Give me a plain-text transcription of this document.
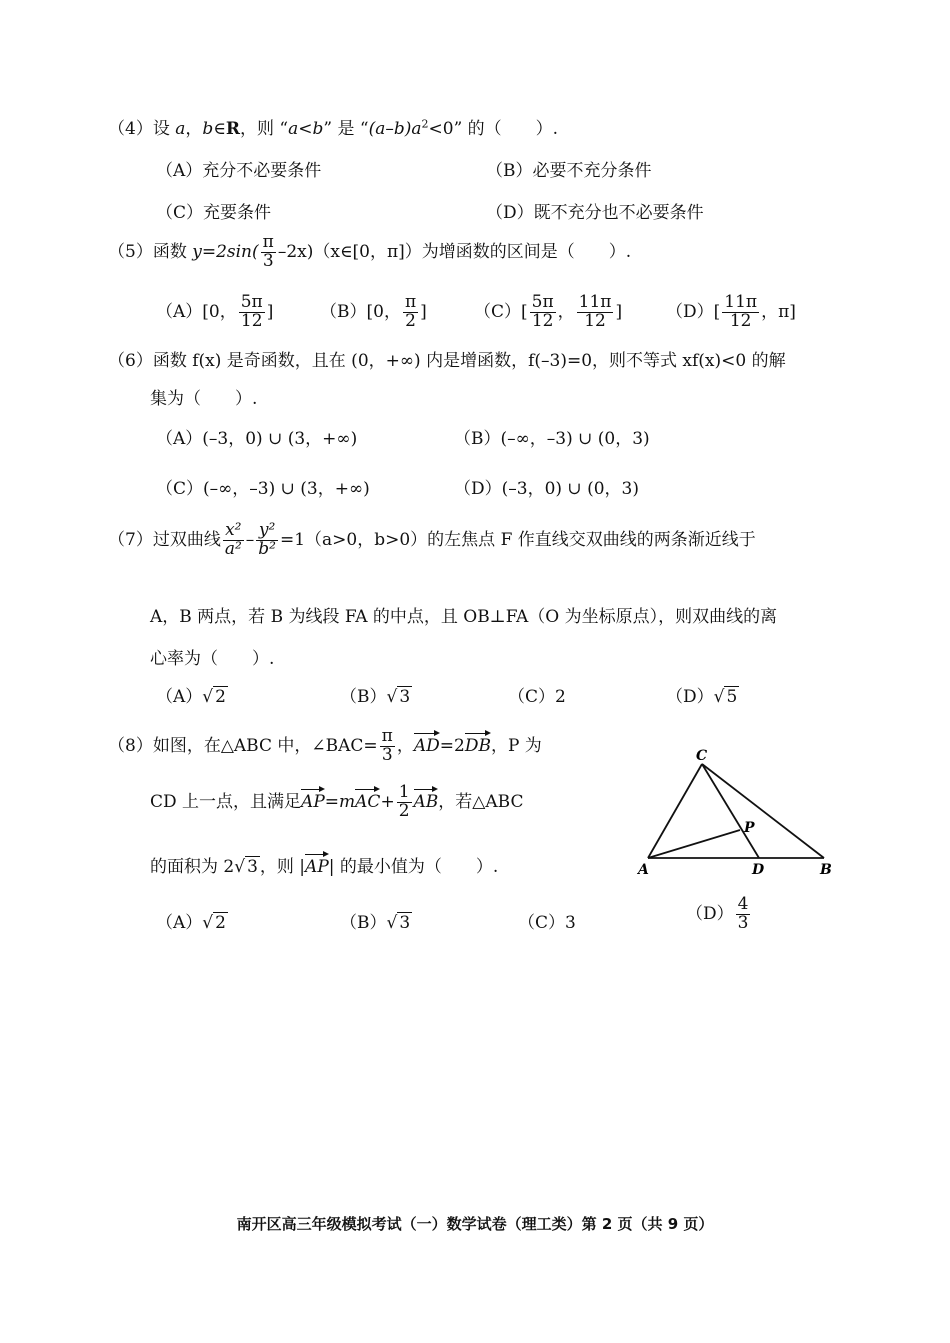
（4）设 a，b∈R，则 “a<b” 是 “$(a-b)a^2<0$” 的（　　）.
（A）充分不必要条件	（B）必要不充分条件
（C）充要条件	（D）既不充分也不必要条件
（5）函数 $y=2\sin( \frac{\pi}{3}$ –2x)（x∈[0，π]）为增函数的区间是（　　）.
（A）[0， $\frac{5\pi}{12}$ ]	（B）[0， $\frac{\pi}{2}$ ]	$(C)[ \frac{5\pi}{12}$ ， $\frac{11\pi}{12}$ ]	$(D)[ \frac{11\pi}{12}$ ，π]
（6）函数 f(x) 是奇函数，且在 (0，+∞) 内是增函数，f(–3)=0，则不等式 xf(x)<0 的解
集为（　　）.
（A）(–3，0) ∪ (3，+∞)	（B）(–∞，–3) ∪ (0，3)
（C）(–∞，–3) ∪ (3，+∞)	（D）(–3，0) ∪ (0，3)
（7）过双曲线 $\frac{\text{x²}}{\text{a²}} - \frac{\text{y²}}{\text{b²}} =1(a>0$，b>0）的左焦点 F 作直线交双曲线的两条渐近线于
A，B 两点，若 B 为线段 FA 的中点，且 OB⊥FA（O 为坐标原点），则双曲线的离
心率为（　　）.
（A）√ 2	（B）√ 3	（C）2	（D）√ 5
（8）如图，在△ABC 中，∠BAC= $\frac{\pi}{3}$ ，AD=2DB，P 为
CD 上一点，且满足$AP=mAC+ \frac{1}{2}$ AB，若△ABC
的面积为 2√ 3 ，则 |AP| 的最小值为（　　）.
（A）√ 2	（B）√ 3	（C）3	$(D) \frac{4}{3}$
C
P
A	D	B
南开区高三年级模拟考试（一）数学试卷（理工类）第 2 页（共 9 页）
